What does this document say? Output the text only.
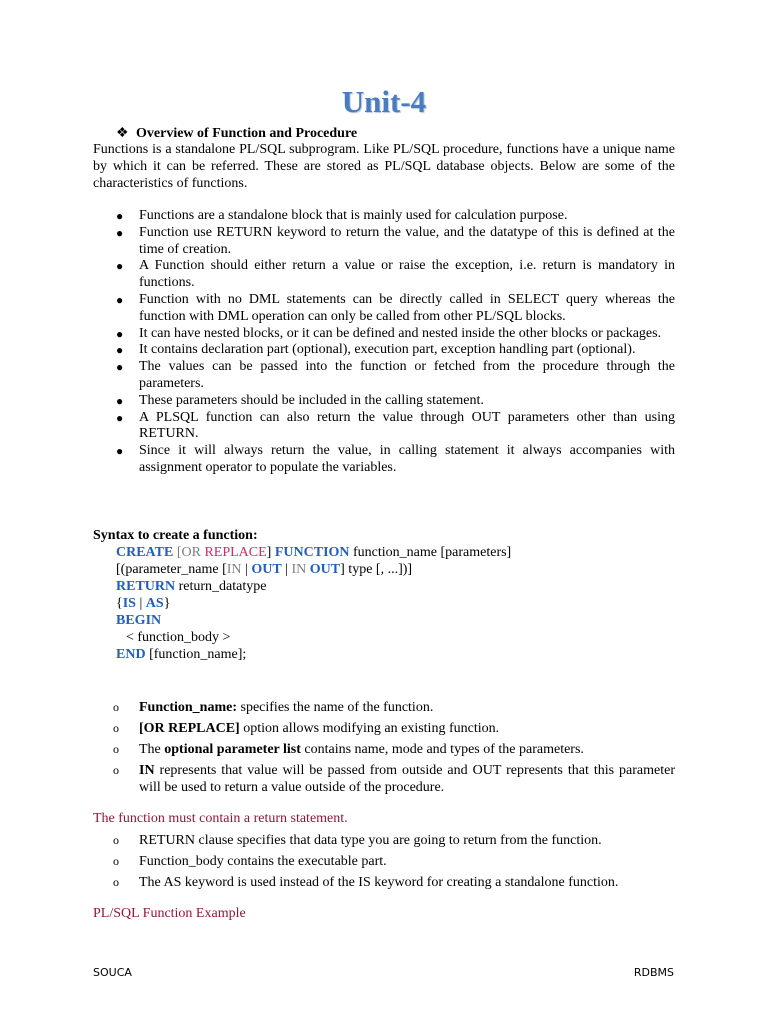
Unit-4
❖ Overview of Function and Procedure
Functions is a standalone PL/SQL subprogram. Like PL/SQL procedure, functions have a unique name by which it can be referred. These are stored as PL/SQL database objects. Below are some of the characteristics of functions.
● Functions are a standalone block that is mainly used for calculation purpose.
● Function use RETURN keyword to return the value, and the datatype of this is defined at the time of creation.
● A Function should either return a value or raise the exception, i.e. return is mandatory in functions.
● Function with no DML statements can be directly called in SELECT query whereas the function with DML operation can only be called from other PL/SQL blocks.
● It can have nested blocks, or it can be defined and nested inside the other blocks or packages.
● It contains declaration part (optional), execution part, exception handling part (optional).
● The values can be passed into the function or fetched from the procedure through the parameters.
● These parameters should be included in the calling statement.
● A PLSQL function can also return the value through OUT parameters other than using RETURN.
● Since it will always return the value, in calling statement it always accompanies with assignment operator to populate the variables.
Syntax to create a function:
CREATE [OR REPLACE] FUNCTION function_name [parameters]
[(parameter_name [IN | OUT | IN OUT] type [, ...])]
RETURN return_datatype
{IS | AS}
BEGIN
< function_body >
END [function_name];
o Function_name: specifies the name of the function.
o [OR REPLACE] option allows modifying an existing function.
o The optional parameter list contains name, mode and types of the parameters.
o IN represents that value will be passed from outside and OUT represents that this parameter will be used to return a value outside of the procedure.
The function must contain a return statement.
o RETURN clause specifies that data type you are going to return from the function.
o Function_body contains the executable part.
o The AS keyword is used instead of the IS keyword for creating a standalone function.
PL/SQL Function Example
SOUCA	RDBMS
